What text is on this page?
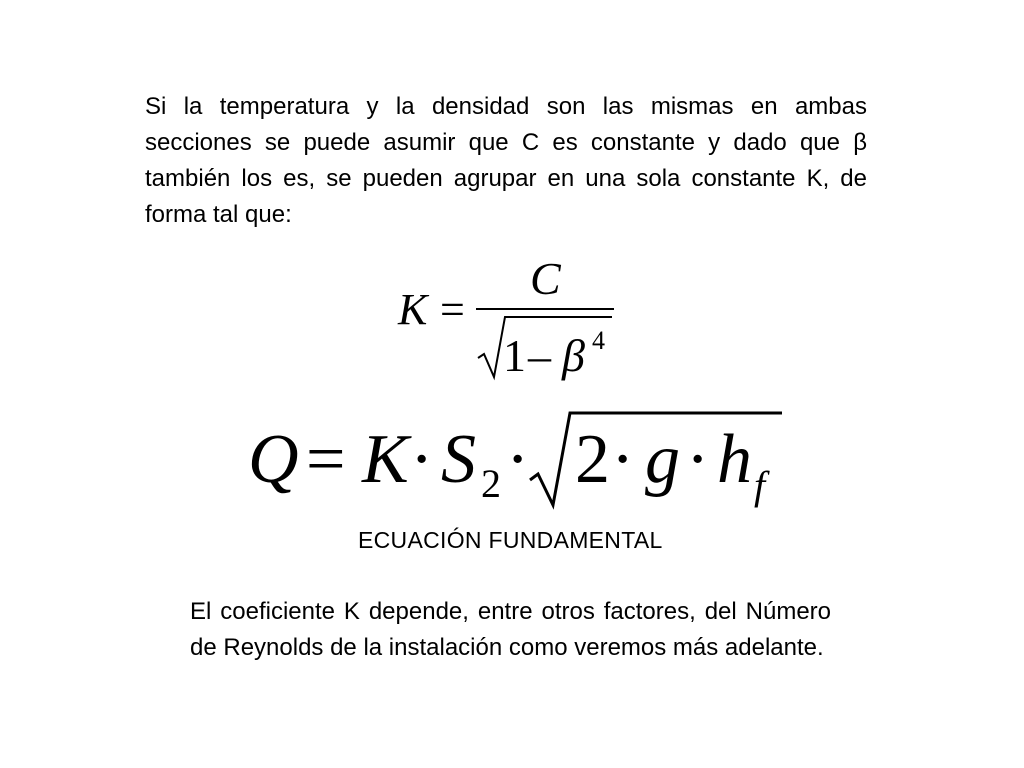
Si la temperatura y la densidad son las mismas en ambas secciones se puede asumir que C es constante y dado que β también los es, se pueden agrupar en una sola constante K, de forma tal que:
K =
C
1 – β 4
Q = K · S 2 · 2 · g · h f
ECUACIÓN FUNDAMENTAL
El coeficiente K depende, entre otros factores, del Número de Reynolds de la instalación como veremos más adelante.
